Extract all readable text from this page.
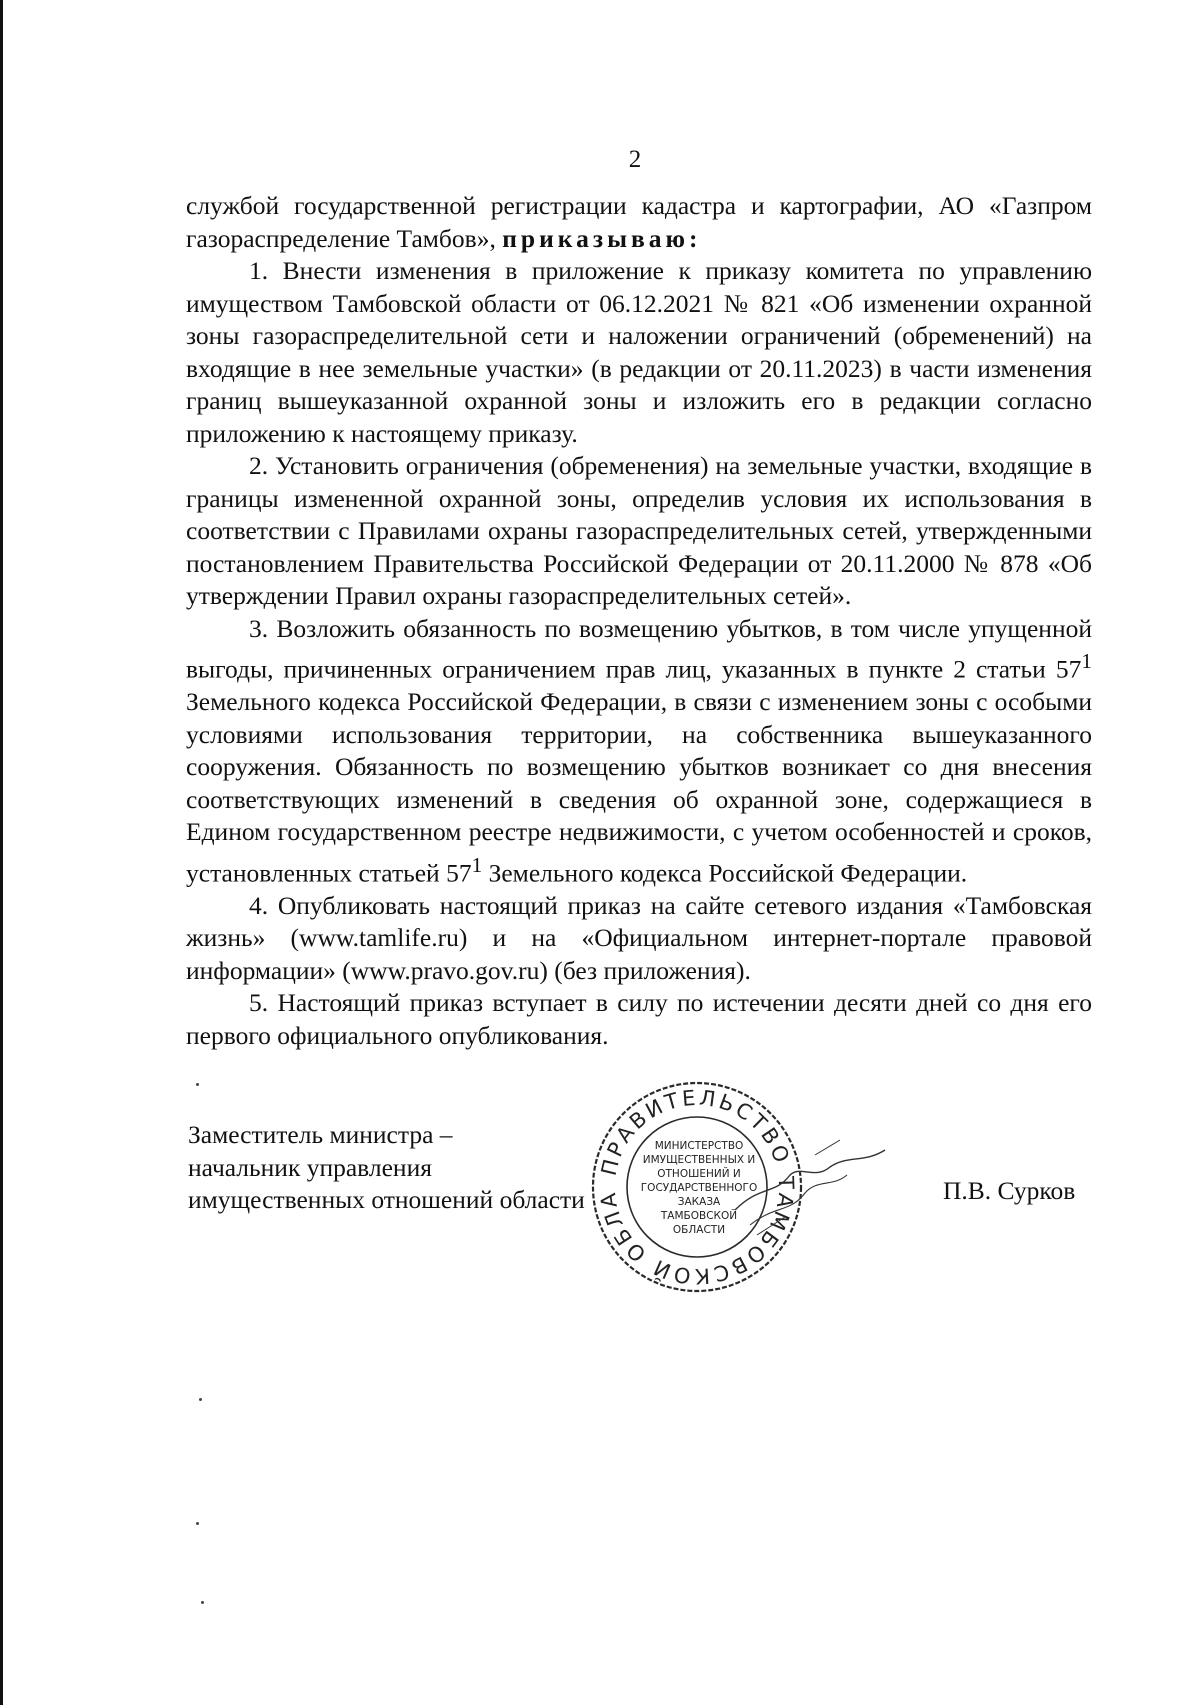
2

службой государственной регистрации кадастра и картографии, АО «Газпром газораспределение Тамбов», приказываю:

1. Внести изменения в приложение к приказу комитета по управлению имуществом Тамбовской области от 06.12.2021 № 821 «Об изменении охранной зоны газораспределительной сети и наложении ограничений (обременений) на входящие в нее земельные участки» (в редакции от 20.11.2023) в части изменения границ вышеуказанной охранной зоны и изложить его в редакции согласно приложению к настоящему приказу.

2. Установить ограничения (обременения) на земельные участки, входящие в границы измененной охранной зоны, определив условия их использования в соответствии с Правилами охраны газораспределительных сетей, утвержденными постановлением Правительства Российской Федерации от 20.11.2000 № 878 «Об утверждении Правил охраны газораспределительных сетей».

3. Возложить обязанность по возмещению убытков, в том числе упущенной выгоды, причиненных ограничением прав лиц, указанных в пункте 2 статьи $57^1$ Земельного кодекса Российской Федерации, в связи с изменением зоны с особыми условиями использования территории, на собственника вышеуказанного сооружения. Обязанность по возмещению убытков возникает со дня внесения соответствующих изменений в сведения об охранной зоне, содержащиеся в Едином государственном реестре недвижимости, с учетом особенностей и сроков, установленных статьей $57^1$ Земельного кодекса Российской Федерации.

4. Опубликовать настоящий приказ на сайте сетевого издания «Тамбовская жизнь» (www.tamlife.ru) и на «Официальном интернет-портале правовой информации» (www.pravo.gov.ru) (без приложения).

5. Настоящий приказ вступает в силу по истечении десяти дней со дня его первого официального опубликования.

Заместитель министра –
начальник управления
имущественных отношений области
ПРАВИТЕЛЬСТВО ТАМБОВСКОЙ ОБЛА
МИНИСТЕРСТВО
ИМУЩЕСТВЕННЫХ И
ОТНОШЕНИЙ И
ГОСУДАРСТВЕННОГО
ЗАКАЗА
ТАМБОВСКОЙ
ОБЛАСТИ
П.В. Сурков
